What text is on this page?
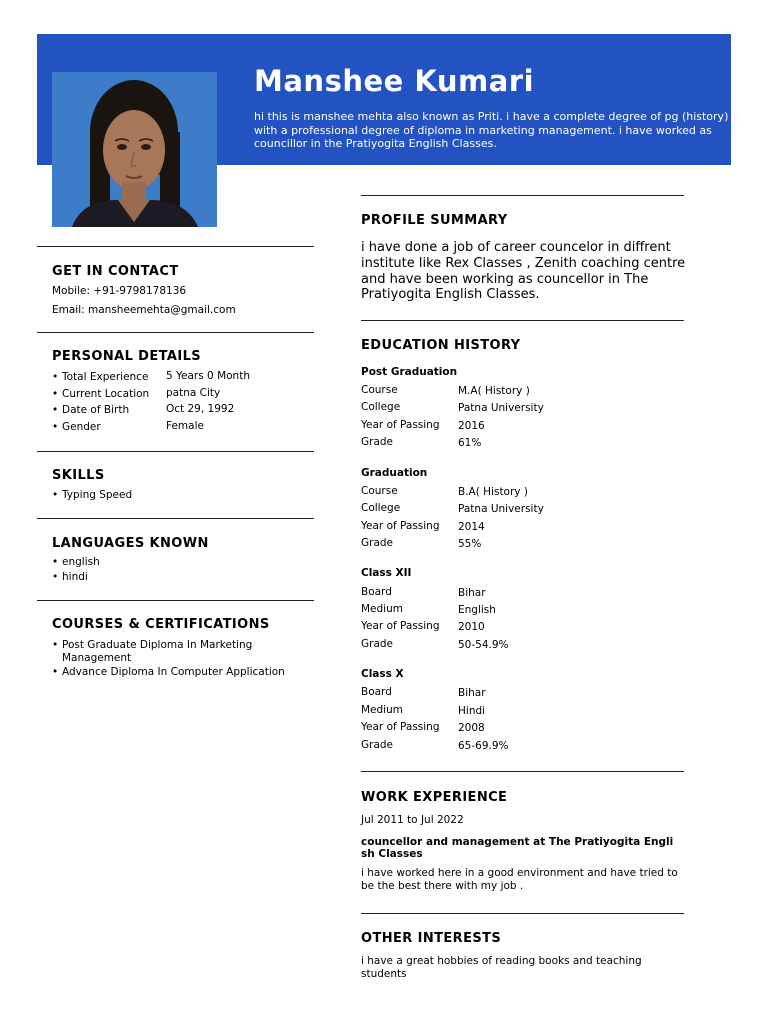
Manshee Kumari
hi this is manshee mehta also known as Priti. i have a complete degree of pg (history) with a professional degree of diploma in marketing management. i have worked as councillor in the Pratiyogita English Classes.
GET IN CONTACT
Mobile: +91-9798178136
Email: mansheemehta@gmail.com
PERSONAL DETAILS
• Total Experience 5 Years 0 Month
• Current Location patna City
• Date of Birth	Oct 29, 1992
• Gender	Female
SKILLS
• Typing Speed
LANGUAGES KNOWN
• english
• hindi
COURSES & CERTIFICATIONS
• Post Graduate Diploma In Marketing Management
• Advance Diploma In Computer Application
PROFILE SUMMARY
i have done a job of career councelor in diffrent institute like Rex Classes , Zenith coaching centre and have been working as councellor in The Pratiyogita English Classes.
EDUCATION HISTORY
Post Graduation
Course	M.A( History )
College	Patna University
Year of Passing 2016
Grade	61%
Graduation
Course	B.A( History )
College	Patna University
Year of Passing 2014
Grade	55%
Class XII
Board	Bihar
Medium	English
Year of Passing 2010
Grade	50-54.9%
Class X
Board	Bihar
Medium	Hindi
Year of Passing 2008
Grade	65-69.9%
WORK EXPERIENCE
Jul 2011 to Jul 2022
councellor and management at The Pratiyogita Engli
sh Classes
i have worked here in a good environment and have tried to be the best there with my job .
OTHER INTERESTS
i have a great hobbies of reading books and teaching students
